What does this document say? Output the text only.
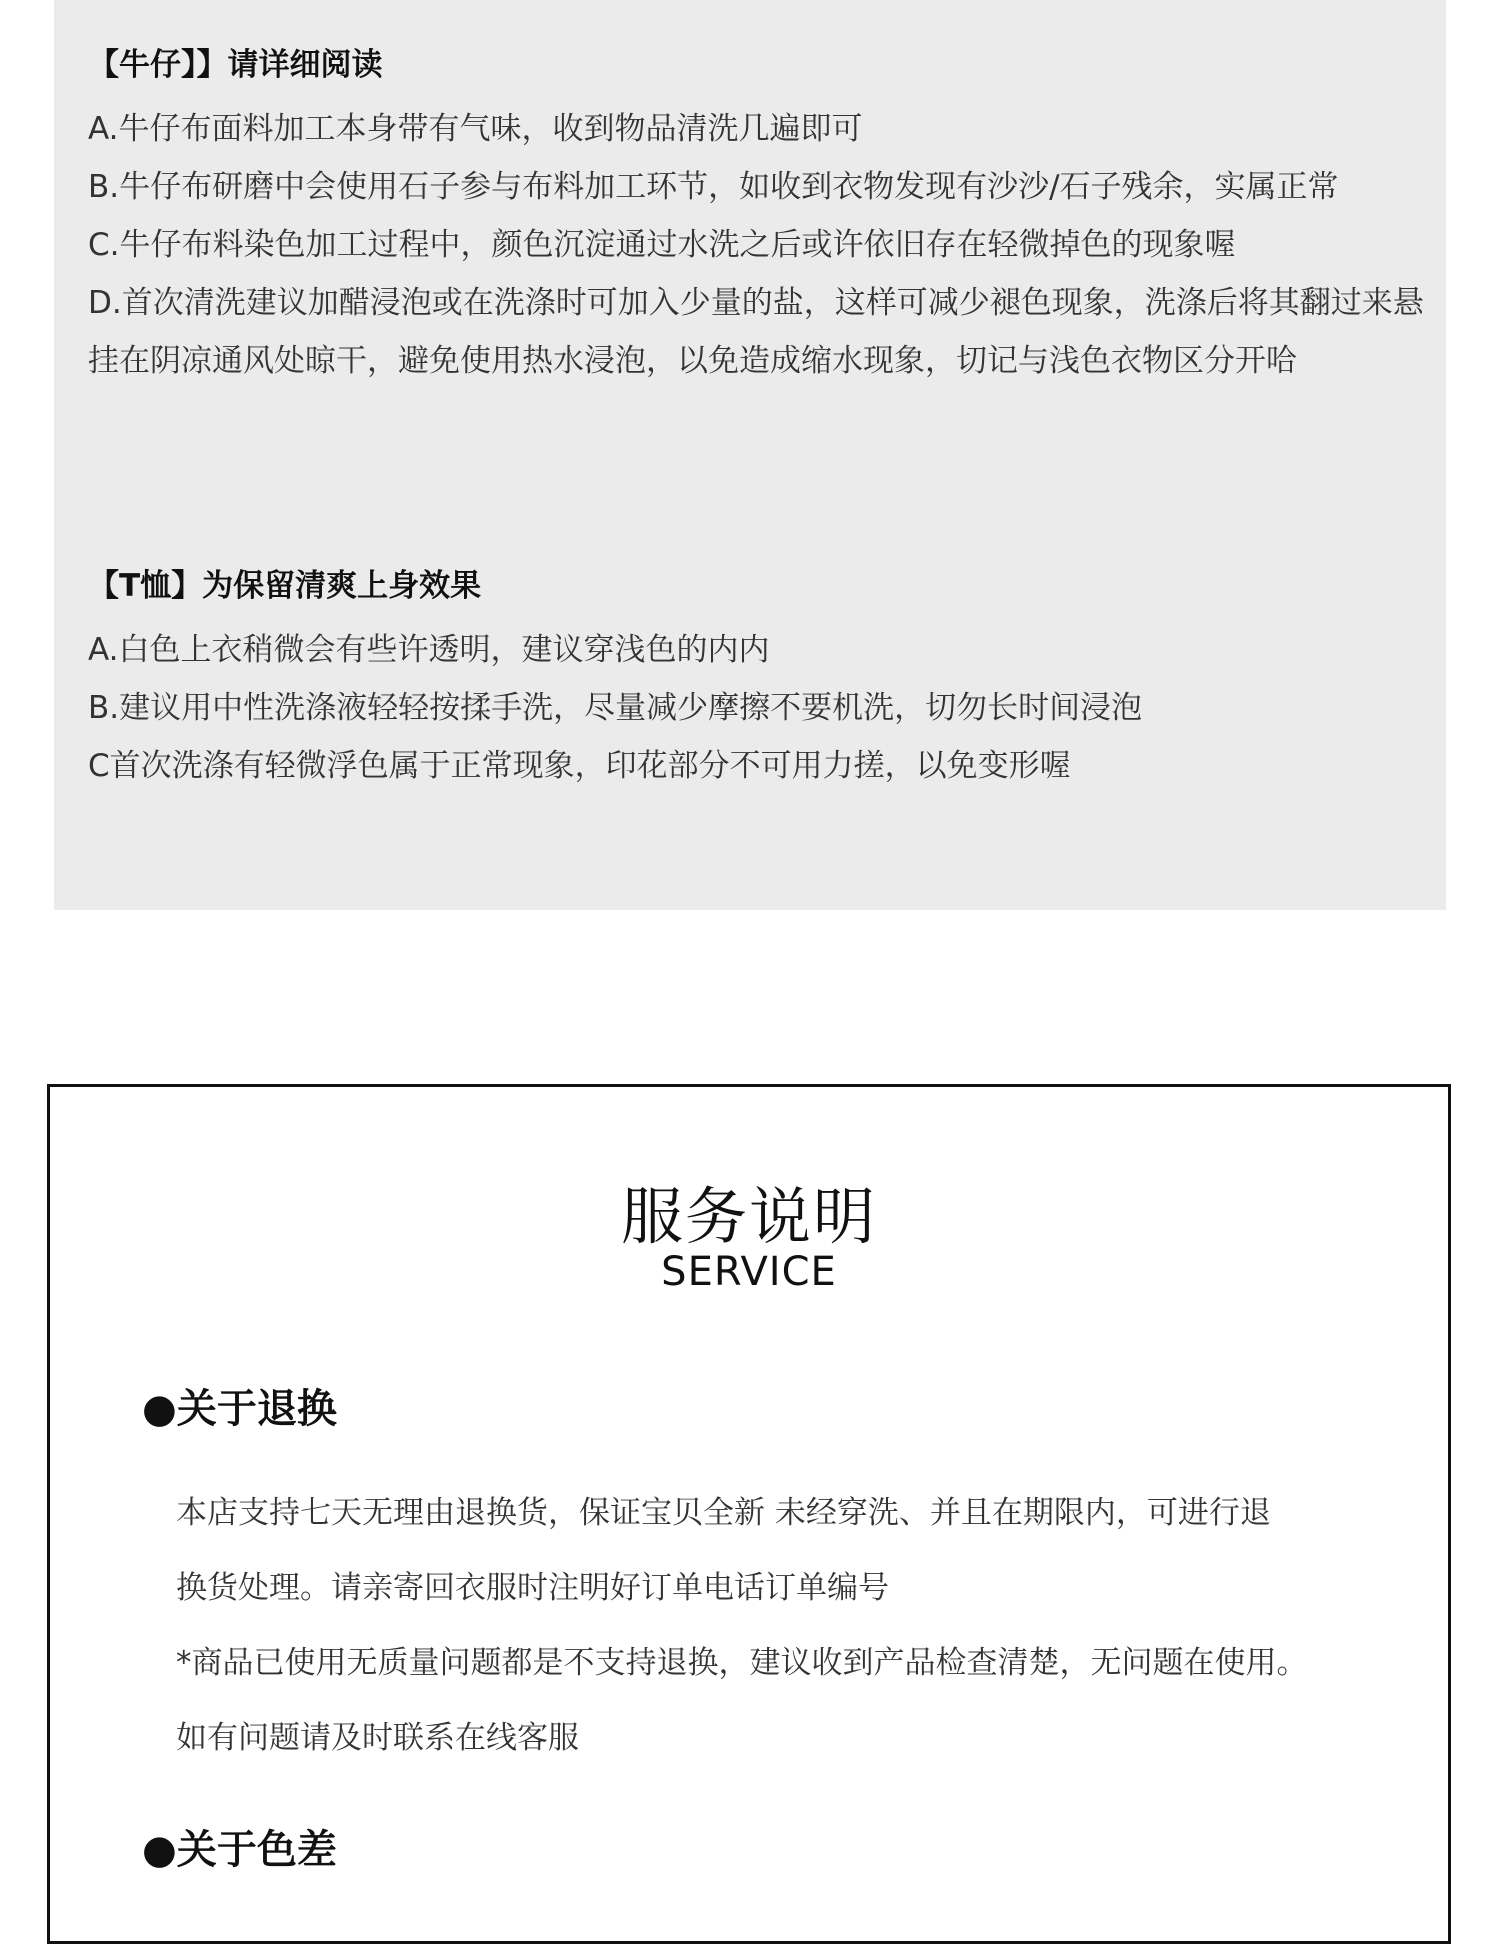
【牛仔】】请详细阅读

A.牛仔布面料加工本身带有气味，收到物品清洗几遍即可

B.牛仔布研磨中会使用石子参与布料加工环节，如收到衣物发现有沙沙/石子残余，实属正常

C.牛仔布料染色加工过程中，颜色沉淀通过水洗之后或许依旧存在轻微掉色的现象喔

D.首次清洗建议加醋浸泡或在洗涤时可加入少量的盐，这样可减少褪色现象，洗涤后将其翻过来悬挂在阴凉通风处晾干，避免使用热水浸泡，以免造成缩水现象，切记与浅色衣物区分开哈

【T恤】为保留清爽上身效果

A.白色上衣稍微会有些许透明，建议穿浅色的内内

B.建议用中性洗涤液轻轻按揉手洗，尽量减少摩擦不要机洗，切勿长时间浸泡

C首次洗涤有轻微浮色属于正常现象，印花部分不可用力搓，以免变形喔

服务说明
SERVICE
●关于退换

本店支持七天无理由退换货，保证宝贝全新 未经穿洗、并且在期限内，可进行退

换货处理。请亲寄回衣服时注明好订单电话订单编号

*商品已使用无质量问题都是不支持退换，建议收到产品检查清楚，无问题在使用。

如有问题请及时联系在线客服

●关于色差
